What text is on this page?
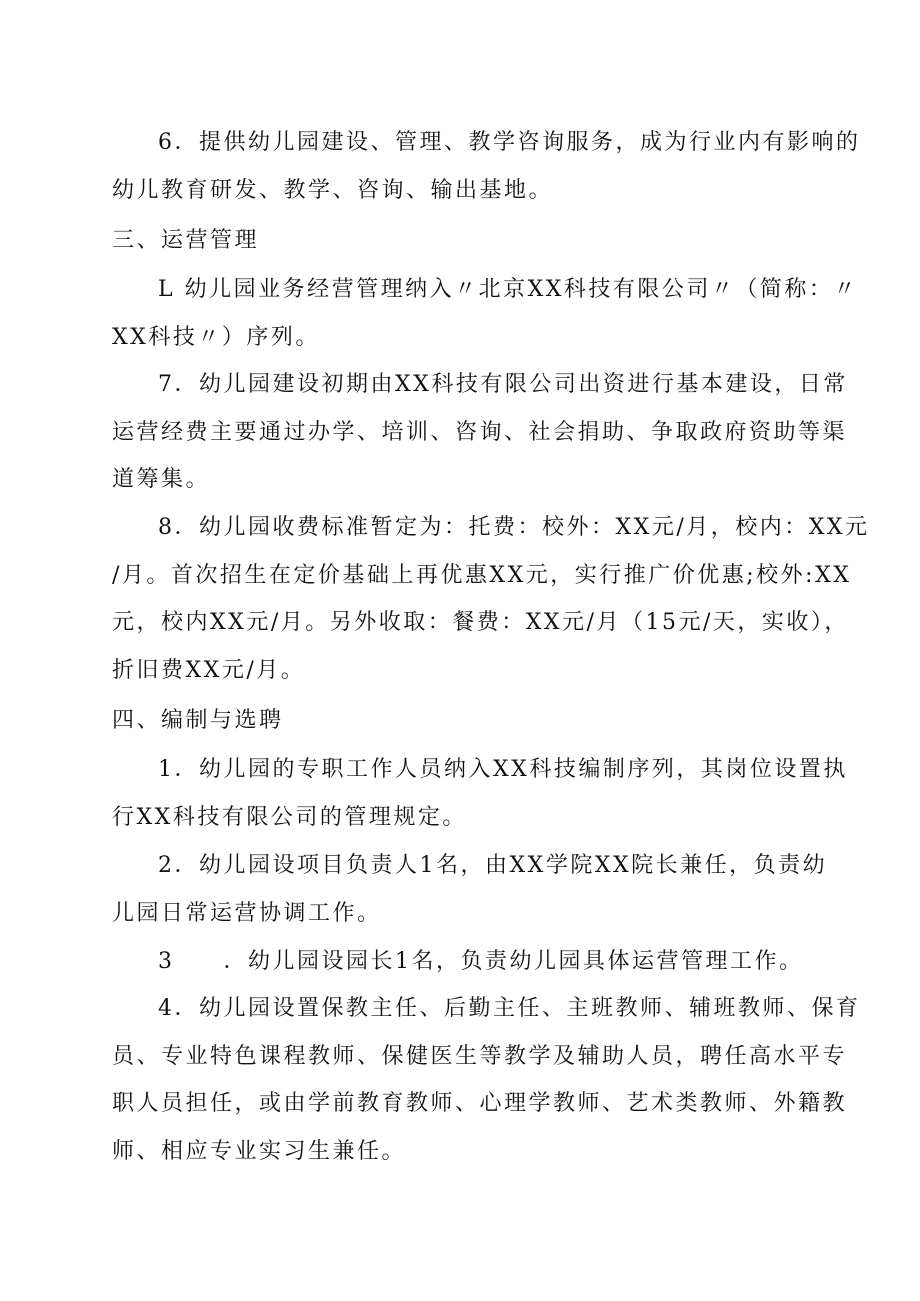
6．提供幼儿园建设、管理、教学咨询服务，成为行业内有影响的
幼儿教育研发、教学、咨询、输出基地。
三、运营管理
L 幼儿园业务经营管理纳入〃北京XX科技有限公司〃（简称：〃
XX科技〃）序列。
7．幼儿园建设初期由XX科技有限公司出资进行基本建设，日常
运营经费主要通过办学、培训、咨询、社会捐助、争取政府资助等渠
道筹集。
8．幼儿园收费标准暂定为：托费：校外：XX元/月，校内：XX元
/月。首次招生在定价基础上再优惠XX元，实行推广价优惠;校外:XX
元，校内XX元/月。另外收取：餐费：XX元/月（15元/天，实收），
折旧费XX元/月。
四、编制与选聘
1．幼儿园的专职工作人员纳入XX科技编制序列，其岗位设置执
行XX科技有限公司的管理规定。
2．幼儿园设项目负责人1名，由XX学院XX院长兼任，负责幼
儿园日常运营协调工作。
3　　．幼儿园设园长1名，负责幼儿园具体运营管理工作。
4．幼儿园设置保教主任、后勤主任、主班教师、辅班教师、保育
员、专业特色课程教师、保健医生等教学及辅助人员，聘任高水平专
职人员担任，或由学前教育教师、心理学教师、艺术类教师、外籍教
师、相应专业实习生兼任。
